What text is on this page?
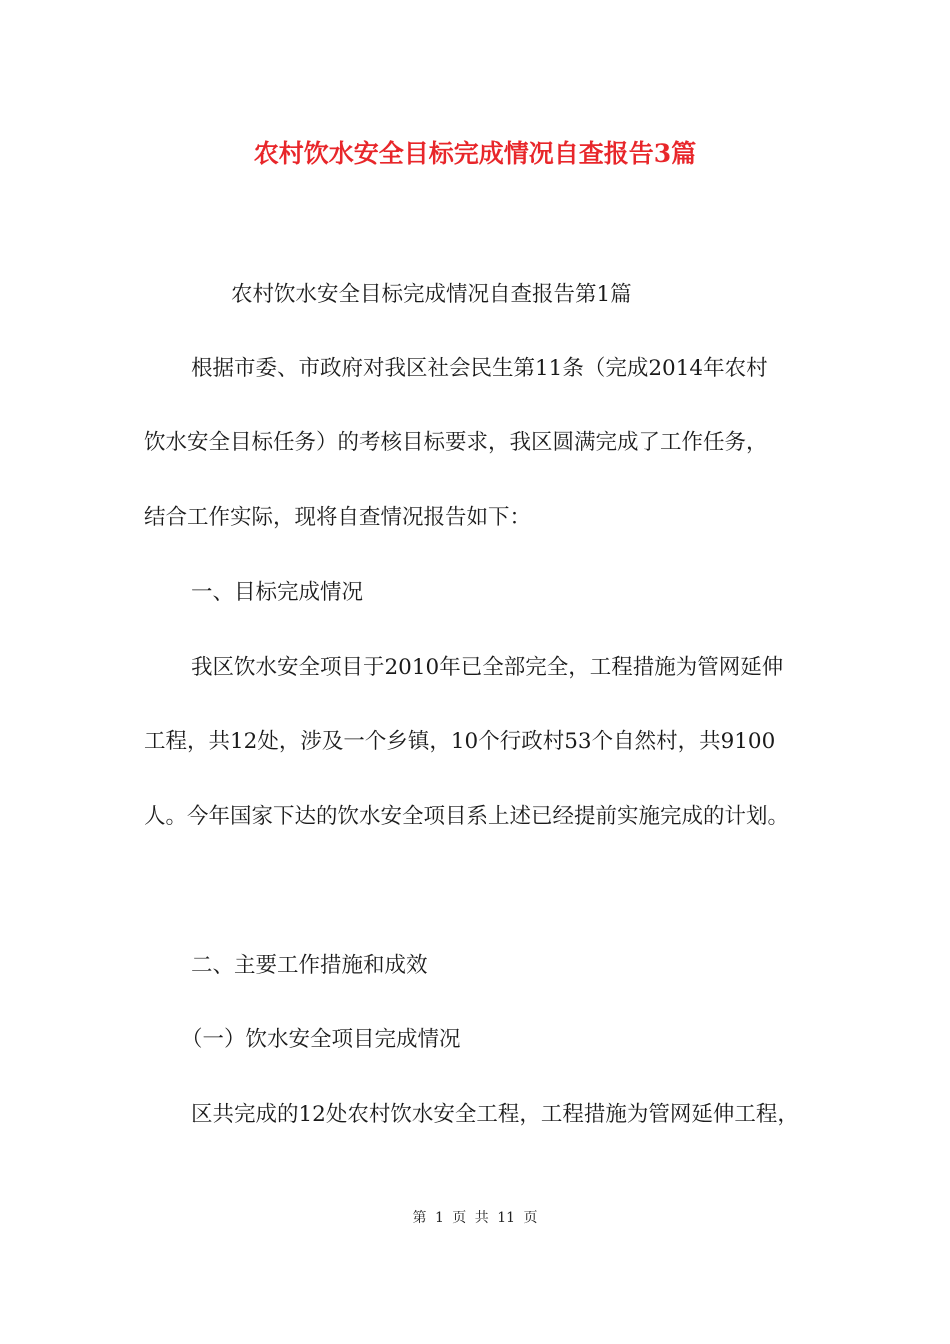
农村饮水安全目标完成情况自查报告3篇
农村饮水安全目标完成情况自查报告第1篇
根据市委、市政府对我区社会民生第11条（完成2014年农村
饮水安全目标任务）的考核目标要求，我区圆满完成了工作任务，
结合工作实际，现将自查情况报告如下：
一、目标完成情况
我区饮水安全项目于2010年已全部完全，工程措施为管网延伸
工程，共12处，涉及一个乡镇，10个行政村53个自然村，共9100
人。今年国家下达的饮水安全项目系上述已经提前实施完成的计划。
二、主要工作措施和成效
（一）饮水安全项目完成情况
区共完成的12处农村饮水安全工程，工程措施为管网延伸工程，
第 1 页 共 11 页
